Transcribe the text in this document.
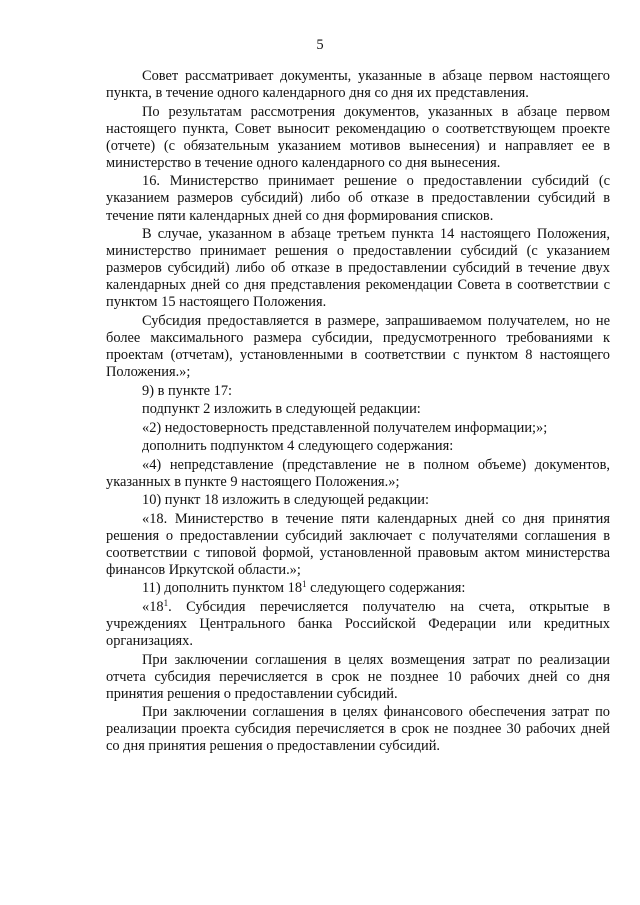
5

Совет рассматривает документы, указанные в абзаце первом настоящего пункта, в течение одного календарного дня со дня их представления.

По результатам рассмотрения документов, указанных в абзаце первом настоящего пункта, Совет выносит рекомендацию о соответствующем проекте (отчете) (с обязательным указанием мотивов вынесения) и направляет ее в министерство в течение одного календарного со дня вынесения.

16. Министерство принимает решение о предоставлении субсидий (с указанием размеров субсидий) либо об отказе в предоставлении субсидий в течение пяти календарных дней со дня формирования списков.

В случае, указанном в абзаце третьем пункта 14 настоящего Положения, министерство принимает решения о предоставлении субсидий (с указанием размеров субсидий) либо об отказе в предоставлении субсидий в течение двух календарных дней со дня представления рекомендации Совета в соответствии с пунктом 15 настоящего Положения.

Субсидия предоставляется в размере, запрашиваемом получателем, но не более максимального размера субсидии, предусмотренного требованиями к проектам (отчетам), установленными в соответствии с пунктом 8 настоящего Положения.»;

9) в пункте 17:

подпункт 2 изложить в следующей редакции:

«2) недостоверность представленной получателем информации;»;

дополнить подпунктом 4 следующего содержания:

«4) непредставление (представление не в полном объеме) документов, указанных в пункте 9 настоящего Положения.»;

10) пункт 18 изложить в следующей редакции:

«18. Министерство в течение пяти календарных дней со дня принятия решения о предоставлении субсидий заключает с получателями соглашения в соответствии с типовой формой, установленной правовым актом министерства финансов Иркутской области.»;

11) дополнить пунктом $18^1$ следующего содержания:

«$18^1$. Субсидия перечисляется получателю на счета, открытые в учреждениях Центрального банка Российской Федерации или кредитных организациях.

При заключении соглашения в целях возмещения затрат по реализации отчета субсидия перечисляется в срок не позднее 10 рабочих дней со дня принятия решения о предоставлении субсидий.

При заключении соглашения в целях финансового обеспечения затрат по реализации проекта субсидия перечисляется в срок не позднее 30 рабочих дней со дня принятия решения о предоставлении субсидий.
